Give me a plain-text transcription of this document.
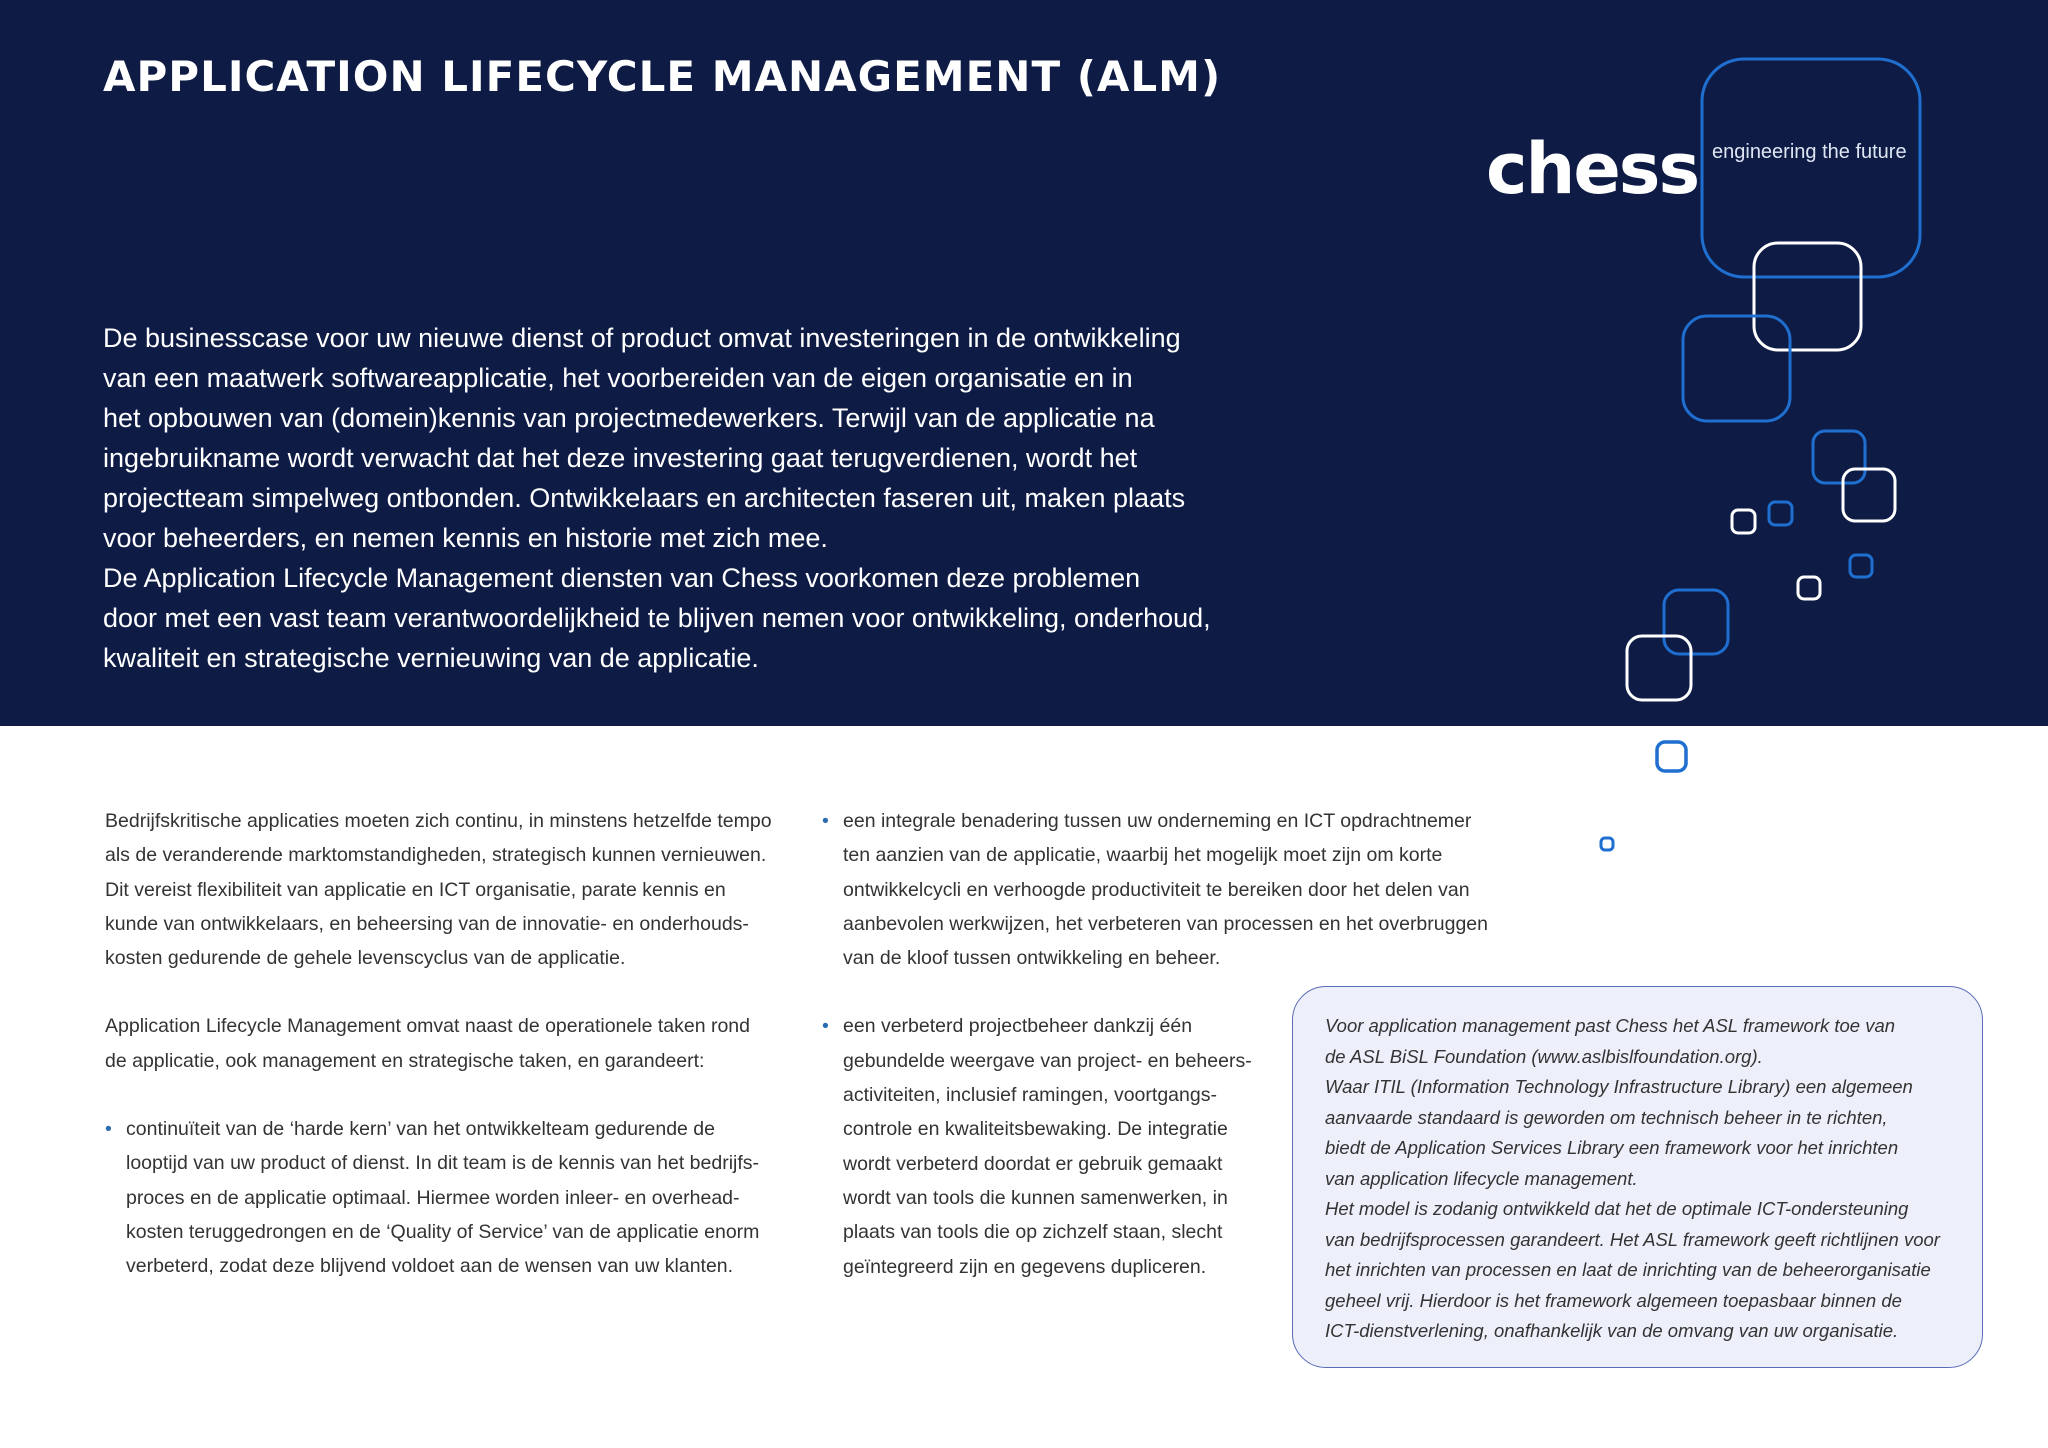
APPLICATION LIFECYCLE MANAGEMENT (ALM)

De businesscase voor uw nieuwe dienst of product omvat investeringen in de ontwikkeling

van een maatwerk softwareapplicatie, het voorbereiden van de eigen organisatie en in

het opbouwen van (domein)kennis van projectmedewerkers. Terwijl van de applicatie na

ingebruikname wordt verwacht dat het deze investering gaat terugverdienen, wordt het

projectteam simpelweg ontbonden. Ontwikkelaars en architecten faseren uit, maken plaats

voor beheerders, en nemen kennis en historie met zich mee.

De Application Lifecycle Management diensten van Chess voorkomen deze problemen

door met een vast team verantwoordelijkheid te blijven nemen voor ontwikkeling, onderhoud,

kwaliteit en strategische vernieuwing van de applicatie.

chess engineering the future

Bedrijfskritische applicaties moeten zich continu, in minstens hetzelfde tempo

als de veranderende marktomstandigheden, strategisch kunnen vernieuwen.

Dit vereist flexibiliteit van applicatie en ICT organisatie, parate kennis en

kunde van ontwikkelaars, en beheersing van de innovatie- en onderhouds-

kosten gedurende de gehele levenscyclus van de applicatie.

Application Lifecycle Management omvat naast de operationele taken rond

de applicatie, ook management en strategische taken, en garandeert:

• continuïteit van de ‘harde kern’ van het ontwikkelteam gedurende de

looptijd van uw product of dienst. In dit team is de kennis van het bedrijfs-

proces en de applicatie optimaal. Hiermee worden inleer- en overhead-

kosten teruggedrongen en de ‘Quality of Service’ van de applicatie enorm

verbeterd, zodat deze blijvend voldoet aan de wensen van uw klanten.

• een integrale benadering tussen uw onderneming en ICT opdrachtnemer

ten aanzien van de applicatie, waarbij het mogelijk moet zijn om korte

ontwikkelcycli en verhoogde productiviteit te bereiken door het delen van

aanbevolen werkwijzen, het verbeteren van processen en het overbruggen

van de kloof tussen ontwikkeling en beheer.

• een verbeterd projectbeheer dankzij één

gebundelde weergave van project- en beheers-

activiteiten, inclusief ramingen, voortgangs-

controle en kwaliteitsbewaking. De integratie

wordt verbeterd doordat er gebruik gemaakt

wordt van tools die kunnen samenwerken, in

plaats van tools die op zichzelf staan, slecht

geïntegreerd zijn en gegevens dupliceren.

Voor application management past Chess het ASL framework toe van

de ASL BiSL Foundation (www.aslbislfoundation.org).

Waar ITIL (Information Technology Infrastructure Library) een algemeen

aanvaarde standaard is geworden om technisch beheer in te richten,

biedt de Application Services Library een framework voor het inrichten

van application lifecycle management.

Het model is zodanig ontwikkeld dat het de optimale ICT-ondersteuning

van bedrijfsprocessen garandeert. Het ASL framework geeft richtlijnen voor

het inrichten van processen en laat de inrichting van de beheerorganisatie

geheel vrij. Hierdoor is het framework algemeen toepasbaar binnen de

ICT-dienstverlening, onafhankelijk van de omvang van uw organisatie.
